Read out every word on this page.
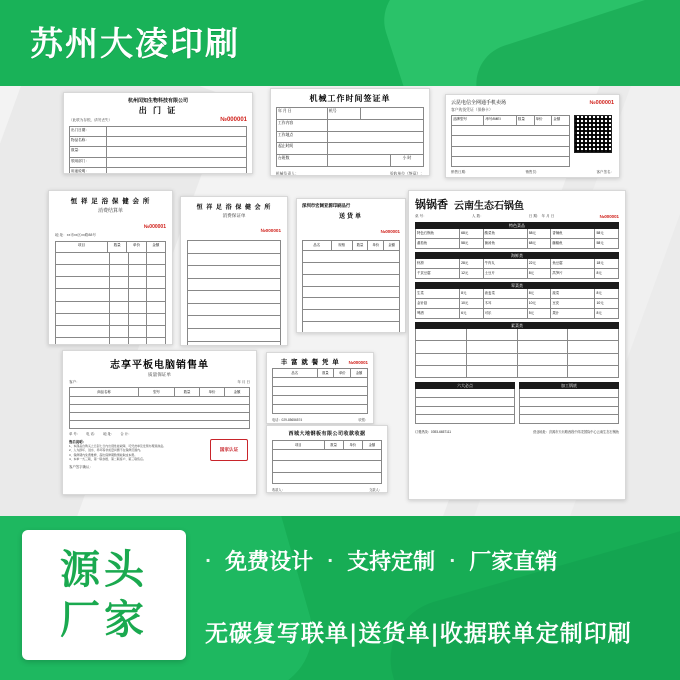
苏州大凌印刷
杭州闰知生物科技有限公司
出 门 证
（此联为存根，请勿丢失）	№000001
出门日期：
物品名称：
数量：
领用部门：
用途说明：
机械工作时间签证单
年 月 日	机号
工作内容
工作地点
起止时间
台班数	小 时
机械负责人：	验收单位（签章）：
云昆电信全网通手机卖场	№000001
客户购货凭证（保修卡）
品牌型号	串号/IMEI	数量	单价	金额
销售日期：	销售员：	客户签名：
恒 祥 足 浴 保 健 会 所
消费结算单
№000001
地 址：xx市xx区xx路88号
项目	数量	单价	金额
恒 祥 足 浴 保 健 会 所
消费保证单
№000001
深圳市宏阔亚源印刷品行
送货单
№000001
品名	规格	数量	单价	金额
锅锅香 云南生态石锅鱼
桌 号：	人 数：	日 期： 年 月 日	№000001
特色菜品
特色石锅鱼	68元	酸菜鱼	58元	香辣鱼	58元
番茄鱼	58元	菌汤鱼	68元	藤椒鱼	58元
海鲜类
虾滑	28元	牛肉丸	22元	鱼豆腐	18元
千页豆腐	12元	土豆片	8元	莴笋片	8元
荤菜类
生菜	8元	油麦菜	8元	菠菜	8元
金针菇	10元	木耳	10元	豆皮	10元
啤酒	6元	可乐	5元	果汁	8元
素菜类
六大必点	加工锅底
订餐热线：0393-6657111	营业地址：济源市天坛路西段中纬龙国际中心云南生态石锅鱼
志享平板电脑销售单
质量保证单
客户：	年 月 日
商品名称	型号	数量	单价	金额
单 号： 电 话： 地 址： 合 计：
售后说明：
1、本商品自购买之日起七日内出现性能故障，可凭此单及发票办理退换货。
2、人为损坏、进水、摔坏等非质量问题不在保修范围内。
3、保修期内免费维修，超出保修期酌情收取成本费。
4、本单一式三联，第一联存根、第二联客户、第三联售后。
国家认证
客户签字确认：
丰 富 就 餐 凭 单	№000001
品名	数量	单价	金额
电话：029-85656574	收银：
西城大地钢板有限公司收款收据
项目	数量	单价	金额
收款人：	交款人：
源头
厂家
· 免费设计 · 支持定制 · 厂家直销
无碳复写联单|送货单|收据联单定制印刷
